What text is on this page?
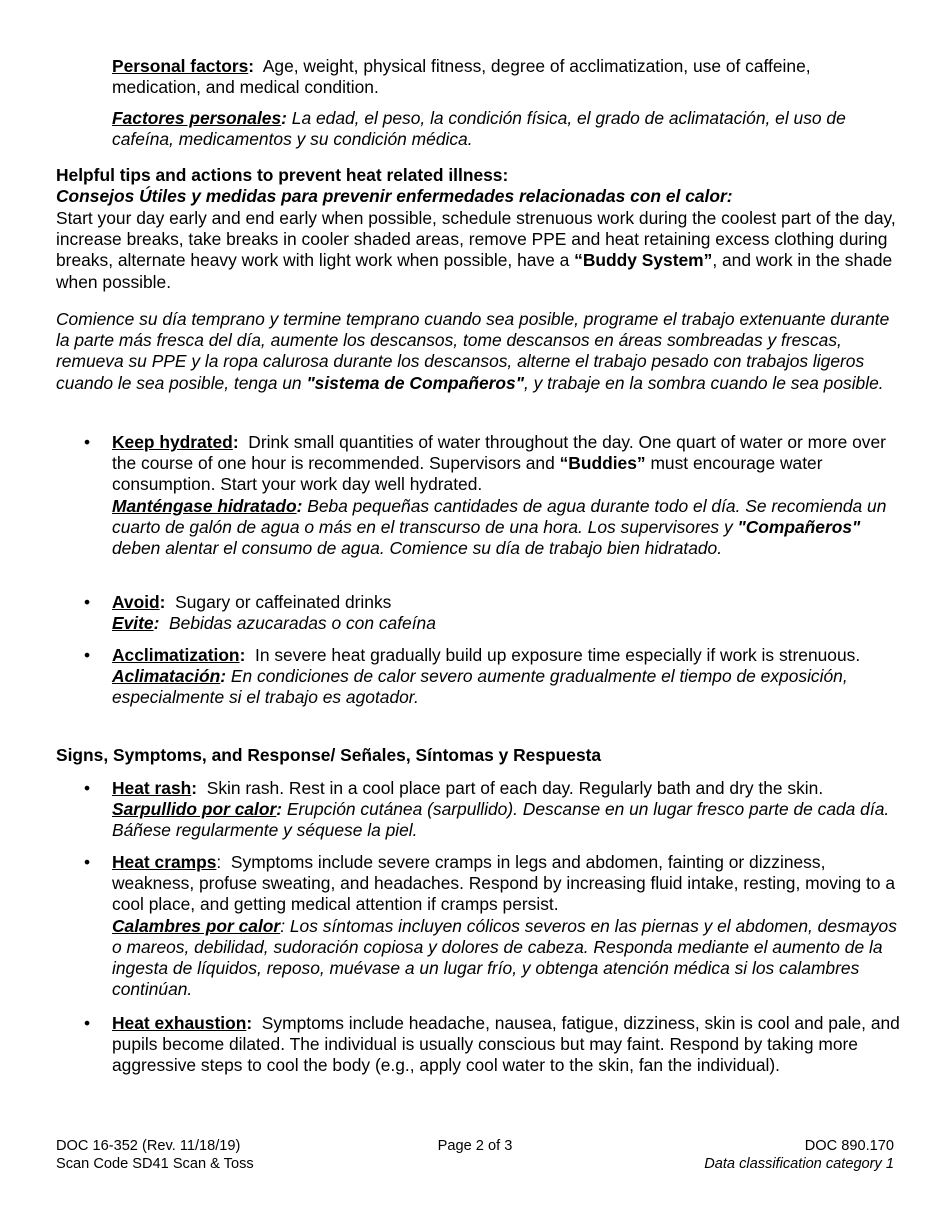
Personal factors: Age, weight, physical fitness, degree of acclimatization, use of caffeine, medication, and medical condition.

Factores personales: La edad, el peso, la condición física, el grado de aclimatación, el uso de cafeína, medicamentos y su condición médica.

Helpful tips and actions to prevent heat related illness:

Consejos Útiles y medidas para prevenir enfermedades relacionadas con el calor:

Start your day early and end early when possible, schedule strenuous work during the coolest part of the day, increase breaks, take breaks in cooler shaded areas, remove PPE and heat retaining excess clothing during breaks, alternate heavy work with light work when possible, have a “Buddy System”, and work in the shade when possible.

Comience su día temprano y termine temprano cuando sea posible, programe el trabajo extenuante durante la parte más fresca del día, aumente los descansos, tome descansos en áreas sombreadas y frescas, remueva su PPE y la ropa calurosa durante los descansos, alterne el trabajo pesado con trabajos ligeros cuando le sea posible, tenga un "sistema de Compañeros", y trabaje en la sombra cuando le sea posible.

• Keep hydrated: Drink small quantities of water throughout the day. One quart of water or more over the course of one hour is recommended. Supervisors and “Buddies” must encourage water consumption. Start your work day well hydrated.

Manténgase hidratado: Beba pequeñas cantidades de agua durante todo el día. Se recomienda un cuarto de galón de agua o más en el transcurso de una hora. Los supervisores y "Compañeros" deben alentar el consumo de agua. Comience su día de trabajo bien hidratado.

• Avoid: Sugary or caffeinated drinks

Evite: Bebidas azucaradas o con cafeína

• Acclimatization: In severe heat gradually build up exposure time especially if work is strenuous.

Aclimatación: En condiciones de calor severo aumente gradualmente el tiempo de exposición, especialmente si el trabajo es agotador.

Signs, Symptoms, and Response/ Señales, Síntomas y Respuesta

• Heat rash: Skin rash. Rest in a cool place part of each day. Regularly bath and dry the skin.

Sarpullido por calor: Erupción cutánea (sarpullido). Descanse en un lugar fresco parte de cada día. Báñese regularmente y séquese la piel.

• Heat cramps: Symptoms include severe cramps in legs and abdomen, fainting or dizziness, weakness, profuse sweating, and headaches. Respond by increasing fluid intake, resting, moving to a cool place, and getting medical attention if cramps persist.

Calambres por calor: Los síntomas incluyen cólicos severos en las piernas y el abdomen, desmayos o mareos, debilidad, sudoración copiosa y dolores de cabeza. Responda mediante el aumento de la ingesta de líquidos, reposo, muévase a un lugar frío, y obtenga atención médica si los calambres continúan.

• Heat exhaustion: Symptoms include headache, nausea, fatigue, dizziness, skin is cool and pale, and pupils become dilated. The individual is usually conscious but may faint. Respond by taking more aggressive steps to cool the body (e.g., apply cool water to the skin, fan the individual).

DOC 16-352 (Rev. 11/18/19)
Scan Code SD41 Scan & Toss
Page 2 of 3	DOC 890.170
Data classification category 1
